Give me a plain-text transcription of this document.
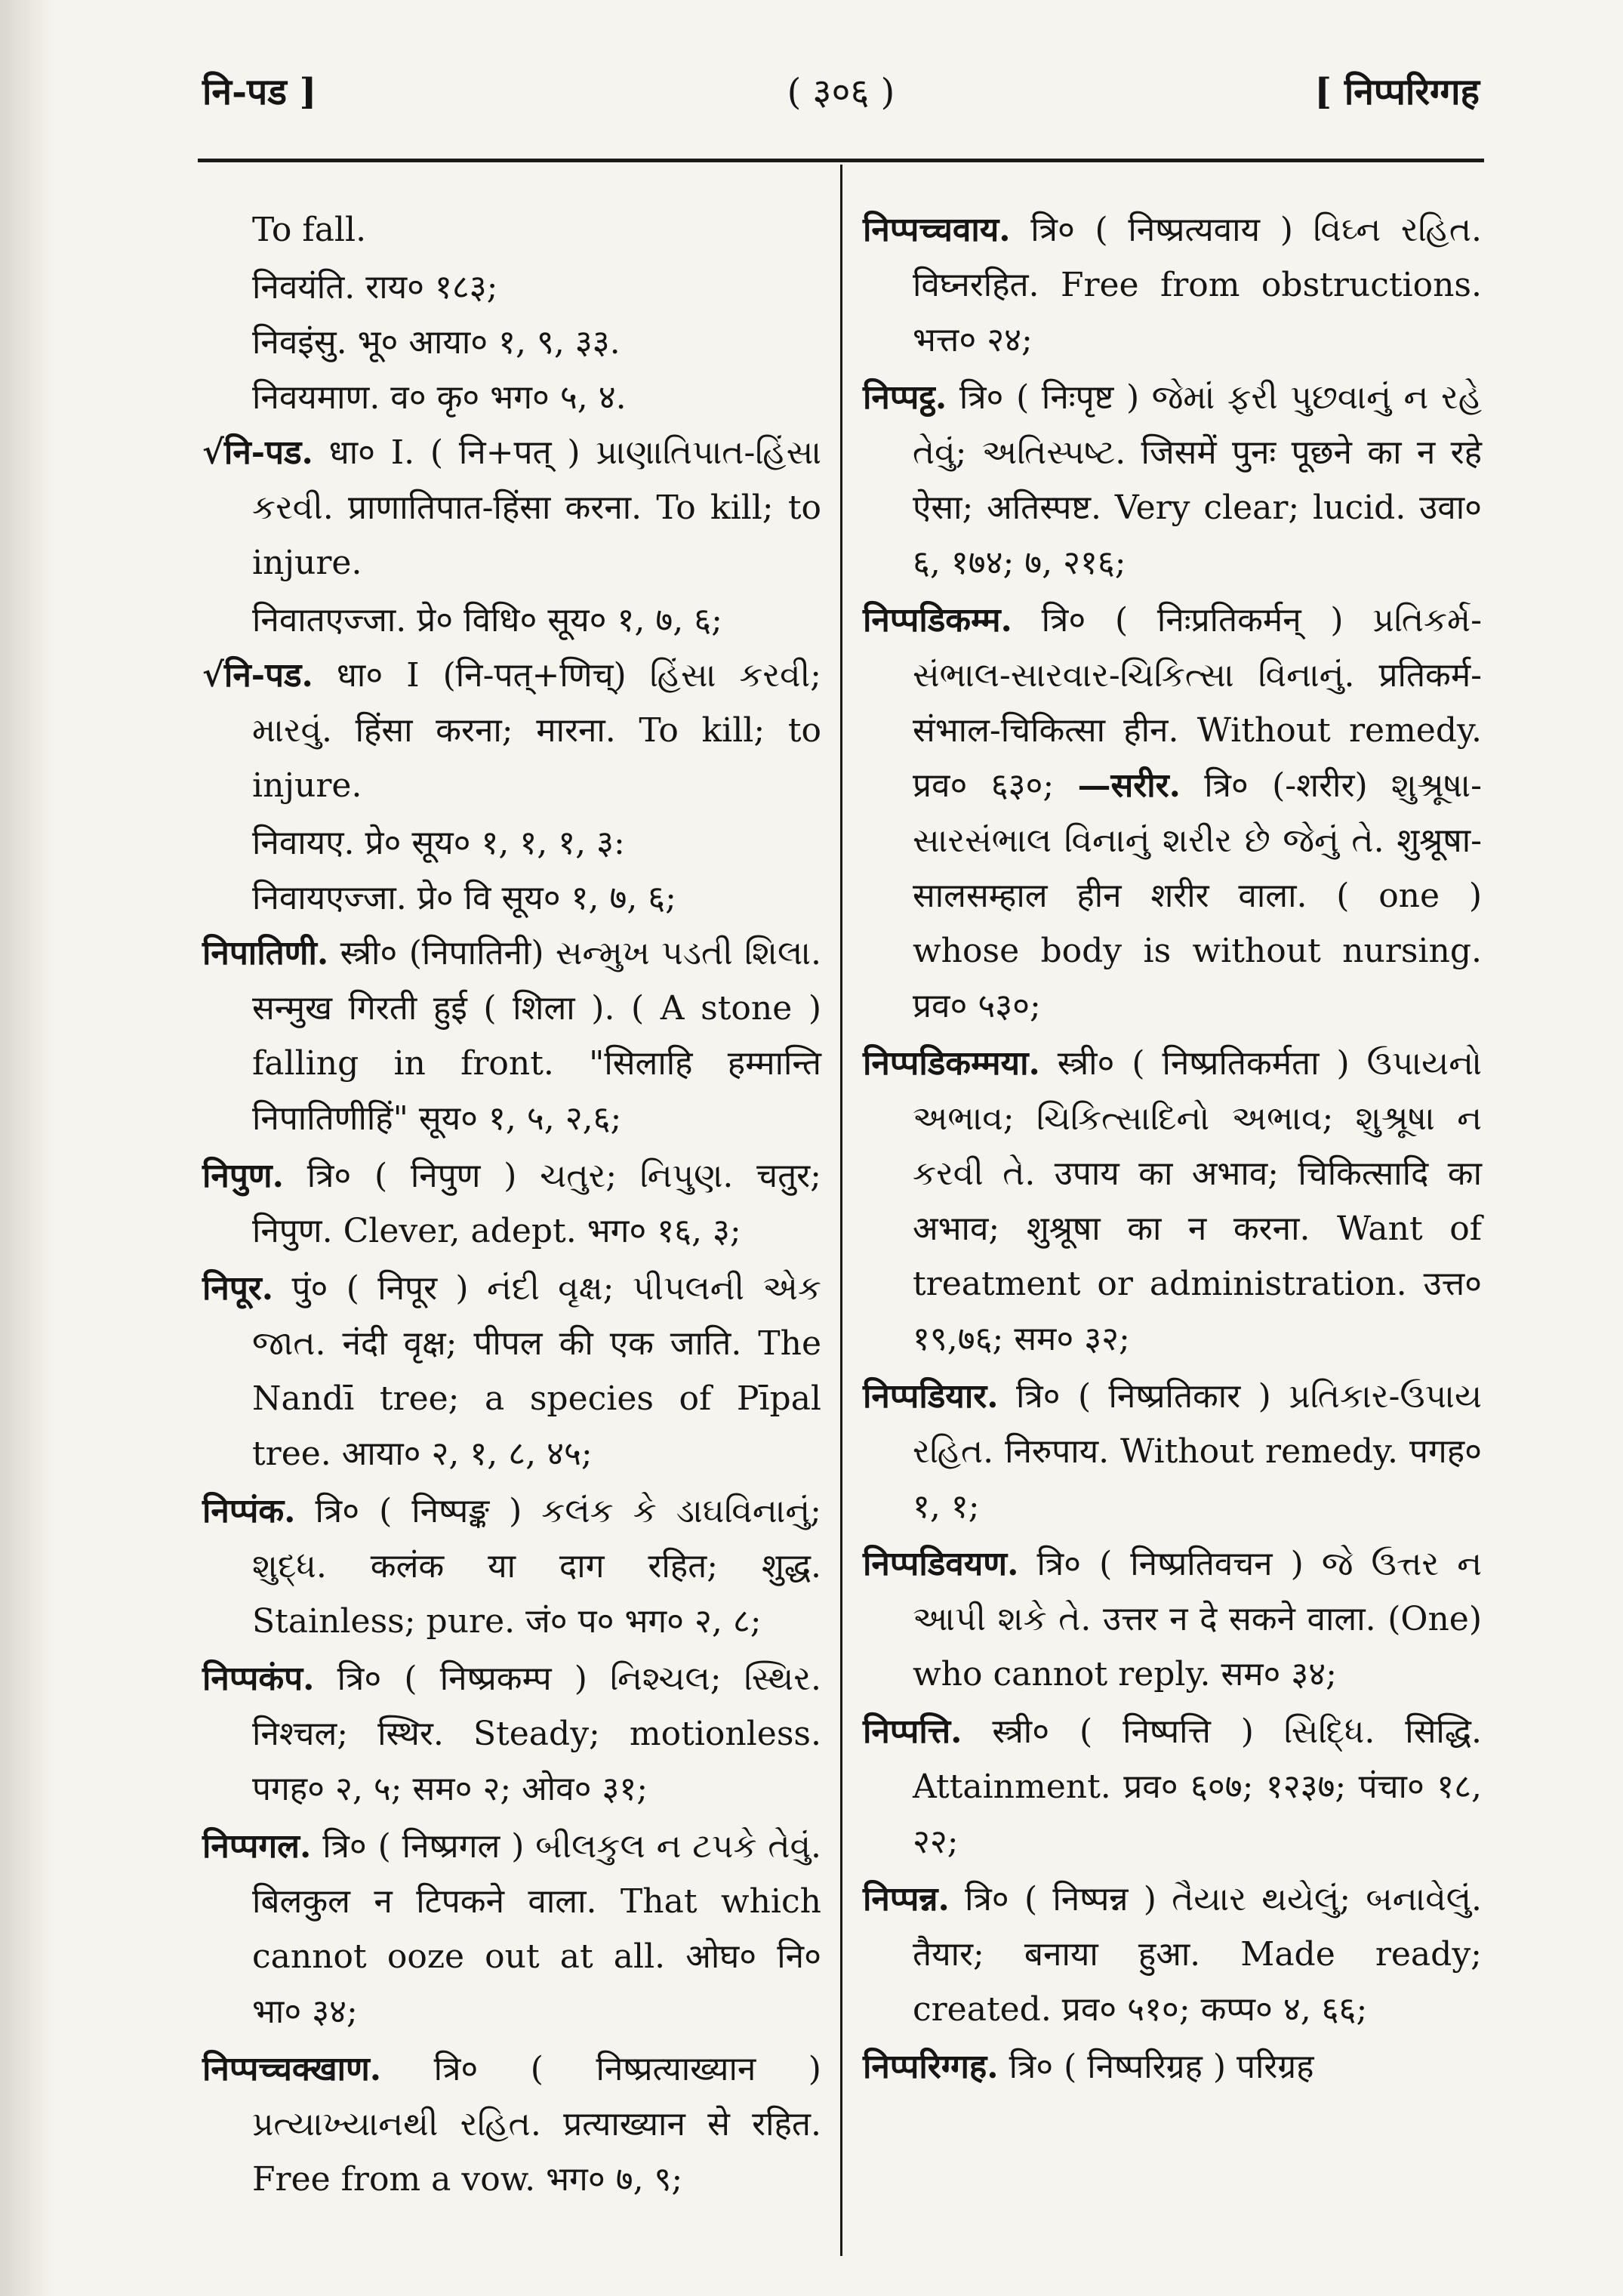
नि-पड ]	( ३०६ )	[ निप्परिग्गह

To fall.

निवयंति. राय० १८३;

निवइंसु. भू० आया० १, ९, ३३.

निवयमाण. व० कृ० भग० ५, ४.

√नि-पड. धा० I. ( नि+पत् ) પ્રાણાતિપાત-હિંસા કરવી. प्राणातिपात-हिंसा करना. To kill; to injure.

निवातएज्जा. प्रे० विधि० सूय० १, ७, ६;

√नि-पड. धा० I (नि-पत्+णिच्) હિંસા કરવી; મારવું. हिंसा करना; मारना. To kill; to injure.

निवायए. प्रे० सूय० १, १, १, ३:

निवायएज्जा. प्रे० वि सूय० १, ७, ६;

निपातिणी. स्त्री० (निपातिनी) સન્મુખ પડતી શિલા. सन्मुख गिरती हुई ( शिला ). ( A stone ) falling in front. "सिलाहि हम्मान्ति निपातिणीहिं" सूय० १, ५, २,६;

निपुण. त्रि० ( निपुण ) ચતુર; નિપુણ. चतुर; निपुण. Clever, adept. भग० १६, ३;

निपूर. पुं० ( निपूर ) નંદી વૃક્ષ; પીપલની એક જાત. नंदी वृक्ष; पीपल की एक जाति. The Nandī tree; a species of Pīpal tree. आया० २, १, ८, ४५;

निप्पंक. त्रि० ( निष्पङ्क ) કલંક કે ડાઘવિનાનું; શુદ્ધ. कलंक या दाग रहित; शुद्ध. Stainless; pure. जं० प० भग० २, ८;

निप्पकंप. त्रि० ( निष्प्रकम्प ) નિશ્ચલ; સ્થિર. निश्चल; स्थिर. Steady; motionless. पगह० २, ५; सम० २; ओव० ३१;

निप्पगल. त्रि० ( निष्प्रगल ) બીલકુલ ન ટપકે તેવું. बिलकुल न टिपकने वाला. That which cannot ooze out at all. ओघ० नि० भा० ३४;

निप्पच्चक्खाण. त्रि० ( निष्प्रत्याख्यान ) પ્રત્યાખ્યાનથી રહિત. प्रत्याख्यान से रहित. Free from a vow. भग० ७, ९;

निप्पच्चवाय. त्रि० ( निष्प्रत्यवाय ) વિઘ્ન રહિત. विघ्नरहित. Free from obstructions. भत्त० २४;

निप्पट्ठ. त्रि० ( निःपृष्ट ) જેમાં ફરી પુછવાનું ન રહે તેવું; અતિસ્પષ્ટ. जिसमें पुनः पूछने का न रहे ऐसा; अतिस्पष्ट. Very clear; lucid. उवा० ६, १७४; ७, २१६;

निप्पडिकम्म. त्रि० ( निःप्रतिकर्मन् ) પ્રતિકર્મ-સંભાલ-સારવાર-ચિકિત્સા વિનાનું. प्रतिकर्म-संभाल-चिकित्सा हीन. Without remedy. प्रव० ६३०; —सरीर. त्रि० (-शरीर) શુશ્રૂષા-સારસંભાલ વિનાનું શરીર છે જેનું તે. शुश्रूषा-सालसम्हाल हीन शरीर वाला. ( one ) whose body is without nursing. प्रव० ५३०;

निप्पडिकम्मया. स्त्री० ( निष्प्रतिकर्मता ) ઉપાયનો અભાવ; ચિકિત્સાદિનો અભાવ; શુશ્રૂષા ન કરવી તે. उपाय का अभाव; चिकित्सादि का अभाव; शुश्रूषा का न करना. Want of treatment or administration. उत्त० १९,७६; सम० ३२;

निप्पडियार. त्रि० ( निष्प्रतिकार ) પ્રતિકાર-ઉપાય રહિત. निरुपाय. Without remedy. पगह० १, १;

निप्पडिवयण. त्रि० ( निष्प्रतिवचन ) જે ઉત્તર ન આપી શકે તે. उत्तर न दे सकने वाला. (One) who cannot reply. सम० ३४;

निप्पत्ति. स्त्री० ( निष्पत्ति ) સિદ્ધિ. सिद्धि. Attainment. प्रव० ६०७; १२३७; पंचा० १८, २२;

निप्पन्न. त्रि० ( निष्पन्न ) તૈયાર થયેલું; બનાવેલું. तैयार; बनाया हुआ. Made ready; created. प्रव० ५१०; कप्प० ४, ६६;

निप्परिग्गह. त्रि० ( निष्परिग्रह ) परिग्रह
